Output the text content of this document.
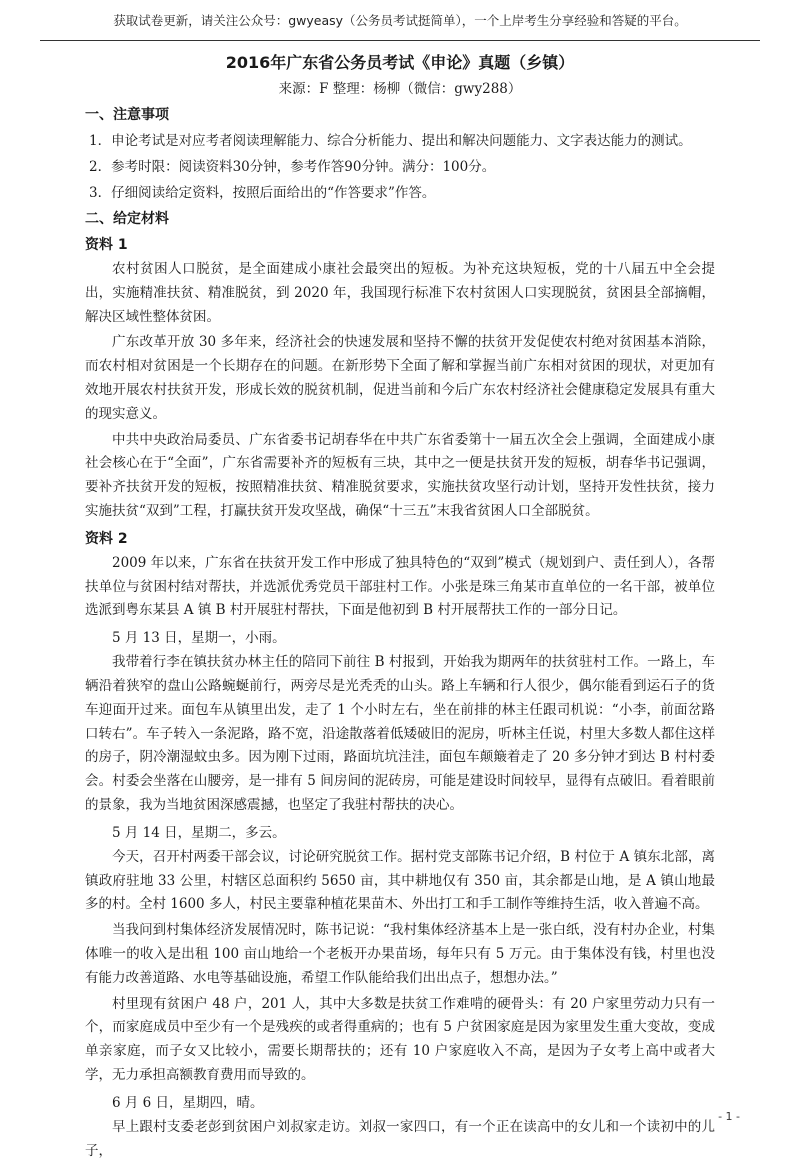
获取试卷更新，请关注公众号：gwyeasy（公务员考试挺简单），一个上岸考生分享经验和答疑的平台。
2016年广东省公务员考试《申论》真题（乡镇）
来源：F 整理：杨柳（微信：gwy288）
一、注意事项
1．申论考试是对应考者阅读理解能力、综合分析能力、提出和解决问题能力、文字表达能力的测试。
2．参考时限：阅读资料30分钟，参考作答90分钟。满分：100分。
3．仔细阅读给定资料，按照后面给出的“作答要求”作答。
二、给定材料
资料 1

农村贫困人口脱贫，是全面建成小康社会最突出的短板。为补充这块短板，党的十八届五中全会提出，实施精准扶贫、精准脱贫，到 2020 年，我国现行标准下农村贫困人口实现脱贫，贫困县全部摘帽，解决区域性整体贫困。

广东改革开放 30 多年来，经济社会的快速发展和坚持不懈的扶贫开发促使农村绝对贫困基本消除，而农村相对贫困是一个长期存在的问题。在新形势下全面了解和掌握当前广东相对贫困的现状，对更加有效地开展农村扶贫开发，形成长效的脱贫机制，促进当前和今后广东农村经济社会健康稳定发展具有重大的现实意义。

中共中央政治局委员、广东省委书记胡春华在中共广东省委第十一届五次全会上强调，全面建成小康社会核心在于“全面”，广东省需要补齐的短板有三块，其中之一便是扶贫开发的短板，胡春华书记强调，要补齐扶贫开发的短板，按照精准扶贫、精准脱贫要求，实施扶贫攻坚行动计划，坚持开发性扶贫，接力实施扶贫“双到”工程，打赢扶贫开发攻坚战，确保“十三五”末我省贫困人口全部脱贫。

资料 2

2009 年以来，广东省在扶贫开发工作中形成了独具特色的“双到”模式（规划到户、责任到人），各帮扶单位与贫困村结对帮扶，并选派优秀党员干部驻村工作。小张是珠三角某市直单位的一名干部，被单位选派到粤东某县 A 镇 B 村开展驻村帮扶，下面是他初到 B 村开展帮扶工作的一部分日记。

5 月 13 日，星期一，小雨。

我带着行李在镇扶贫办林主任的陪同下前往 B 村报到，开始我为期两年的扶贫驻村工作。一路上，车辆沿着狭窄的盘山公路蜿蜒前行，两旁尽是光秃秃的山头。路上车辆和行人很少，偶尔能看到运石子的货车迎面开过来。面包车从镇里出发，走了 1 个小时左右，坐在前排的林主任跟司机说：“小李，前面岔路口转右”。车子转入一条泥路，路不宽，沿途散落着低矮破旧的泥房，听林主任说，村里大多数人都住这样的房子，阴冷潮湿蚊虫多。因为刚下过雨，路面坑坑洼洼，面包车颠簸着走了 20 多分钟才到达 B 村村委会。村委会坐落在山腰旁，是一排有 5 间房间的泥砖房，可能是建设时间较早，显得有点破旧。看着眼前的景象，我为当地贫困深感震撼，也坚定了我驻村帮扶的决心。

5 月 14 日，星期二，多云。

今天，召开村两委干部会议，讨论研究脱贫工作。据村党支部陈书记介绍，B 村位于 A 镇东北部，离镇政府驻地 33 公里，村辖区总面积约 5650 亩，其中耕地仅有 350 亩，其余都是山地，是 A 镇山地最多的村。全村 1600 多人，村民主要靠种植花果苗木、外出打工和手工制作等维持生活，收入普遍不高。

当我问到村集体经济发展情况时，陈书记说：“我村集体经济基本上是一张白纸，没有村办企业，村集体唯一的收入是出租 100 亩山地给一个老板开办果苗场，每年只有 5 万元。由于集体没有钱，村里也没有能力改善道路、水电等基础设施，希望工作队能给我们出出点子，想想办法。”

村里现有贫困户 48 户，201 人，其中大多数是扶贫工作难啃的硬骨头：有 20 户家里劳动力只有一个，而家庭成员中至少有一个是残疾的或者得重病的；也有 5 户贫困家庭是因为家里发生重大变故，变成单亲家庭，而子女又比较小，需要长期帮扶的；还有 10 户家庭收入不高，是因为子女考上高中或者大学，无力承担高额教育费用而导致的。

6 月 6 日，星期四，晴。

早上跟村支委老彭到贫困户刘叔家走访。刘叔一家四口，有一个正在读高中的女儿和一个读初中的儿子，

- 1 -
